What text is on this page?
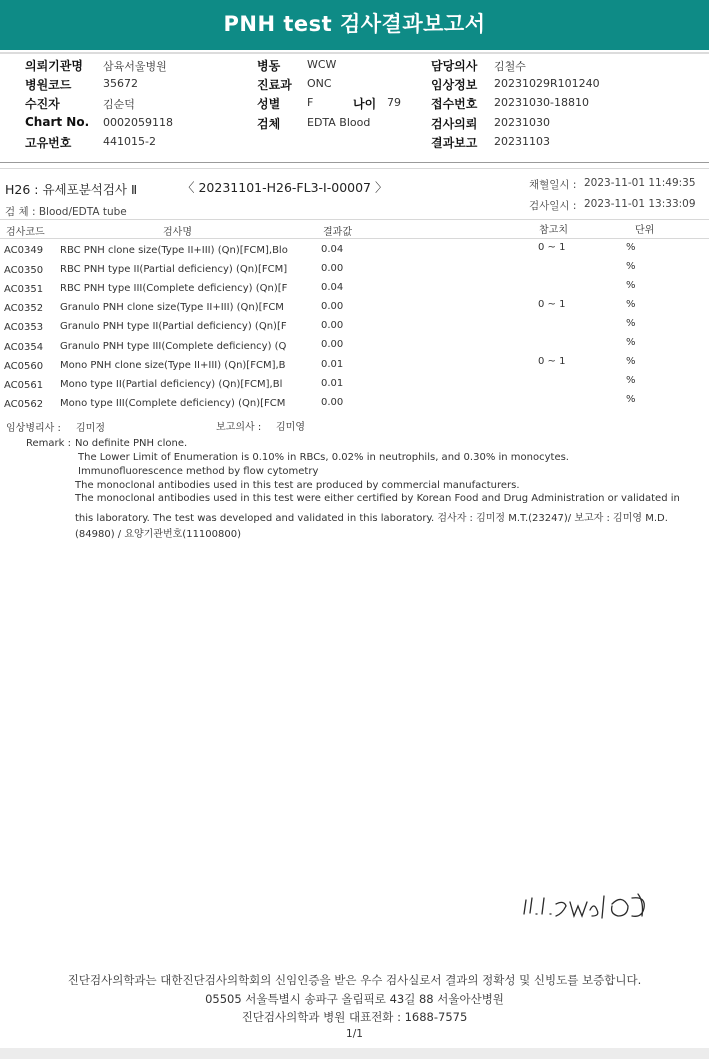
PNH test 검사결과보고서
의뢰기관명 삼육서울병원
병원코드	35672
수진자	김순덕
Chart No. 0002059118
고유번호	441015-2
병동 WCW
진료과 ONC
성별 F	나이 79
검체 EDTA Blood
담당의사 김철수
임상정보 20231029R101240
접수번호 20231030-18810
검사의뢰 20231030
결과보고 20231103
H26 : 유세포분석검사 Ⅱ	〈 20231101-H26-FL3-I-00007 〉	채혈일시 : 2023-11-01 11:49:35
검 체 : Blood/EDTA tube	검사일시 : 2023-11-01 13:33:09
검사코드	검사명	결과값	참고치	단위
AC0349 RBC PNH clone size(Type II+III) (Qn)[FCM],Blo	0.04	0 ~ 1	%
AC0350 RBC PNH type II(Partial deficiency) (Qn)[FCM]	0.00	%
AC0351 RBC PNH type III(Complete deficiency) (Qn)[F	0.04	%
AC0352 Granulo PNH clone size(Type II+III) (Qn)[FCM	0.00	0 ~ 1	%
AC0353 Granulo PNH type II(Partial deficiency) (Qn)[F	0.00	%
AC0354 Granulo PNH type III(Complete deficiency) (Q	0.00	%
AC0560 Mono PNH clone size(Type II+III) (Qn)[FCM],B	0.01	0 ~ 1	%
AC0561 Mono type II(Partial deficiency) (Qn)[FCM],Bl	0.01	%
AC0562 Mono type III(Complete deficiency) (Qn)[FCM	0.00	%
임상병리사 : 김미정	보고의사 : 김미영
Remark : No definite PNH clone.
The Lower Limit of Enumeration is 0.10% in RBCs, 0.02% in neutrophils, and 0.30% in monocytes.
Immunofluorescence method by flow cytometry
The monoclonal antibodies used in this test are produced by commercial manufacturers.
The monoclonal antibodies used in this test were either certified by Korean Food and Drug Administration or validated in
this laboratory. The test was developed and validated in this laboratory. 검사자 : 김미정 M.T.(23247)/ 보고자 : 김미영 M.D.
(84980) / 요양기관번호(11100800)
진단검사의학과는 대한진단검사의학회의 신임인증을 받은 우수 검사실로서 결과의 정확성 및 신빙도를 보증합니다.
05505 서울특별시 송파구 올림픽로 43길 88 서울아산병원
진단검사의학과 병원 대표전화 : 1688-7575
1/1
